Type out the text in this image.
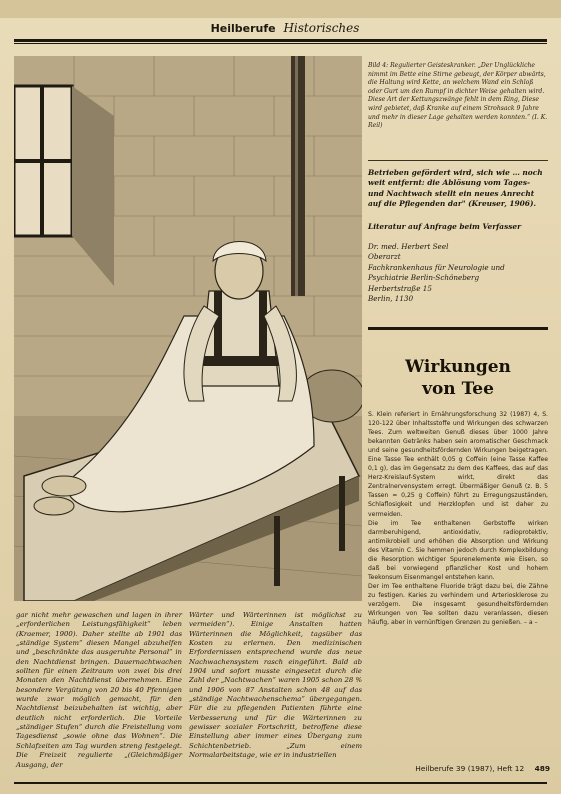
Heilberufe Historisches
Bild 4: Regulierter Geisteskranker. „Der Unglückliche nimmt im Bette eine Stirne gebeugt, der Körper abwärts, die Haltung wird Kette, an welchem Wand ein Schloß oder Gurt um den Rumpf in dichter Weise gehalten wird. Diese Art der Kettungszwänge fehlt in dem Ring, Diese wird gebietet, daß Kranke auf einem Strohsack 9 Jahre und mehr in dieser Lage gehalten werden konnten.“ (I. K. Reil)
Betrieben gefördert wird, sich wie … noch weit entfernt: die Ablösung vom Tages- und Nachtwach stellt ein neues Anrecht auf die Pflegenden dar" (Kreuser, 1906).
Literatur auf Anfrage beim Verfasser
Dr. med. Herbert Seel
Oberarzt
Fachkrankenhaus für Neurologie und
Psychiatrie Berlin-Schöneberg
Herbertstraße 15
Berlin, 1130
Wirkungen
von Tee

S. Klein referiert in Ernährungsforschung 32 (1987) 4, S. 120-122 über Inhaltsstoffe und Wirkungen des schwarzen Tees. Zum weltweiten Genuß dieses über 1000 Jahre bekannten Getränks haben sein aromatischer Geschmack und seine gesundheitsfördernden Wirkungen beigetragen. Eine Tasse Tee enthält 0,05 g Coffein (eine Tasse Kaffee 0,1 g), das im Gegensatz zu dem des Kaffees, das auf das Herz-Kreislauf-System wirkt, direkt das Zentralnervensystem erregt. Übermäßiger Genuß (z. B. 5 Tassen = 0,25 g Coffein) führt zu Erregungszuständen, Schlaflosigkeit und Herzklopfen und ist daher zu vermeiden.

Die im Tee enthaltenen Gerbstoffe wirken darmberuhigend, antioxidativ, radioprotektiv, antimikrobiell und erhöhen die Absorption und Wirkung des Vitamin C. Sie hemmen jedoch durch Komplexbildung die Resorption wichtiger Spurenelemente wie Eisen, so daß bei vorwiegend pflanzlicher Kost und hohem Teekonsum Eisenmangel entstehen kann.

Der im Tee enthaltene Fluoride trägt dazu bei, die Zähne zu festigen. Karies zu verhindern und Arteriosklerose zu verzögern. Die insgesamt gesundheitsfördernden Wirkungen von Tee sollten dazu veranlassen, diesen häufig, aber in vernünftigen Grenzen zu genießen. – a –

gar nicht mehr gewaschen und lagen in ihrer „erforderlichen Leistungsfähigkeit“ leben (Kraemer, 1900). Daher stellte ab 1901 das „ständige System“ diesen Mangel abzuhelfen und „beschränkte das ausgeruhte Personal“ in den Nachtdienst bringen. Dauernachtwachen sollten für einen Zeitraum von zwei bis drei Monaten den Nachtdienst übernehmen. Eine besondere Vergütung von 20 bis 40 Pfennigen wurde zwar möglich gemacht, für den Nachtdienst beizubehalten ist wichtig, aber deutlich nicht erforderlich. Die Vorteile „ständiger Stufen“ durch die Freistellung vom Tagesdienst „sowie ohne das Wohnen“. Die Schlafzeiten am Tag wurden streng festgelegt. Die Freizeit regulierte „(Gleichmäßiger Ausgang, der
Wärter und Wärterinnen ist möglichst zu vermeiden“). Einige Anstalten hatten Wärterinnen die Möglichkeit, tagsüber das Kosten zu erlernen. Den medizinischen Erfordernissen entsprechend wurde das neue Nachwachensystem rasch eingeführt. Bald ab 1904 und sofort musste eingesetzt durch die Zahl der „Nachtwachen“ waren 1905 schon 28 % und 1906 von 87 Anstalten schon 48 auf das „ständige Nachtwachenschema“ übergegangen. Für die zu pflegenden Patienten führte eine Verbesserung und für die Wärterinnen zu gewisser sozialer Fortschritt, betroffene diese Einstellung aber immer eines Übergang zum Schichtenbetrieb. „Zum einem Normalarbeitstage, wie er in industriellen
Heilberufe 39 (1987), Heft 12 489
